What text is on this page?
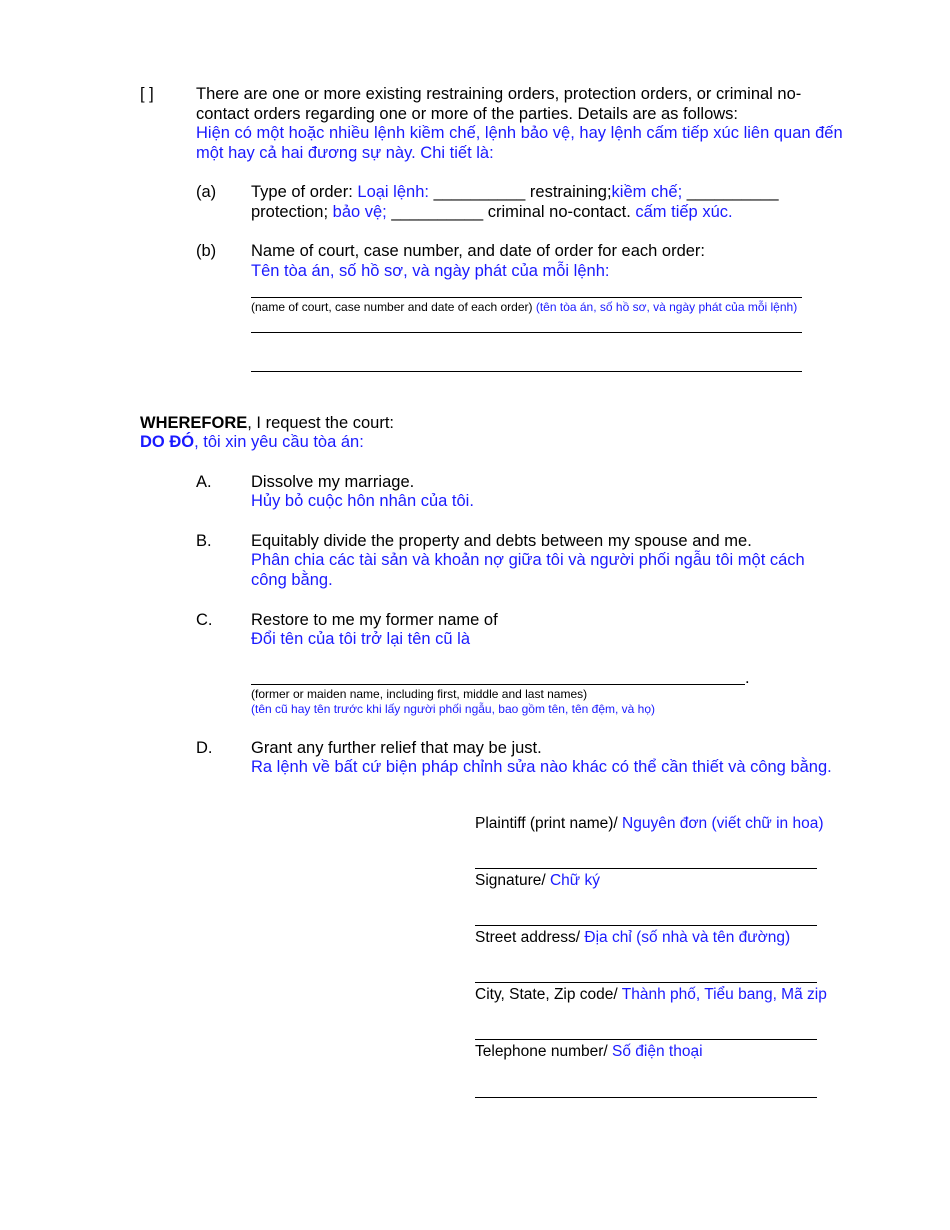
[ ]	There are one or more existing restraining orders, protection orders, or criminal no-
contact orders regarding one or more of the parties. Details are as follows:
Hiện có một hoặc nhiều lệnh kiềm chế, lệnh bảo vệ, hay lệnh cấm tiếp xúc liên quan đến
một hay cả hai đương sự này. Chi tiết là:
(a) Type of order: Loại lệnh: __________ restraining;kiềm chế; __________
protection; bảo vệ; __________ criminal no-contact. cấm tiếp xúc.
(b) Name of court, case number, and date of order for each order:
Tên tòa án, số hồ sơ, và ngày phát của mỗi lệnh:
(name of court, case number and date of each order) (tên tòa án, số hồ sơ, và ngày phát của mỗi lệnh)
WHEREFORE, I request the court:
DO ĐÓ, tôi xin yêu cầu tòa án:
A. Dissolve my marriage.
Hủy bỏ cuộc hôn nhân của tôi.
B. Equitably divide the property and debts between my spouse and me.
Phân chia các tài sản và khoản nợ giữa tôi và người phối ngẫu tôi một cách
công bằng.
C. Restore to me my former name of
Đổi tên của tôi trở lại tên cũ là
.
(former or maiden name, including first, middle and last names)
(tên cũ hay tên trước khi lấy người phối ngẫu, bao gồm tên, tên đệm, và họ)
D. Grant any further relief that may be just.
Ra lệnh về bất cứ biện pháp chỉnh sửa nào khác có thể cần thiết và công bằng.
Plaintiff (print name)/ Nguyên đơn (viết chữ in hoa)
Signature/ Chữ ký
Street address/ Địa chỉ (số nhà và tên đường)
City, State, Zip code/ Thành phố, Tiểu bang, Mã zip
Telephone number/ Số điện thoại
